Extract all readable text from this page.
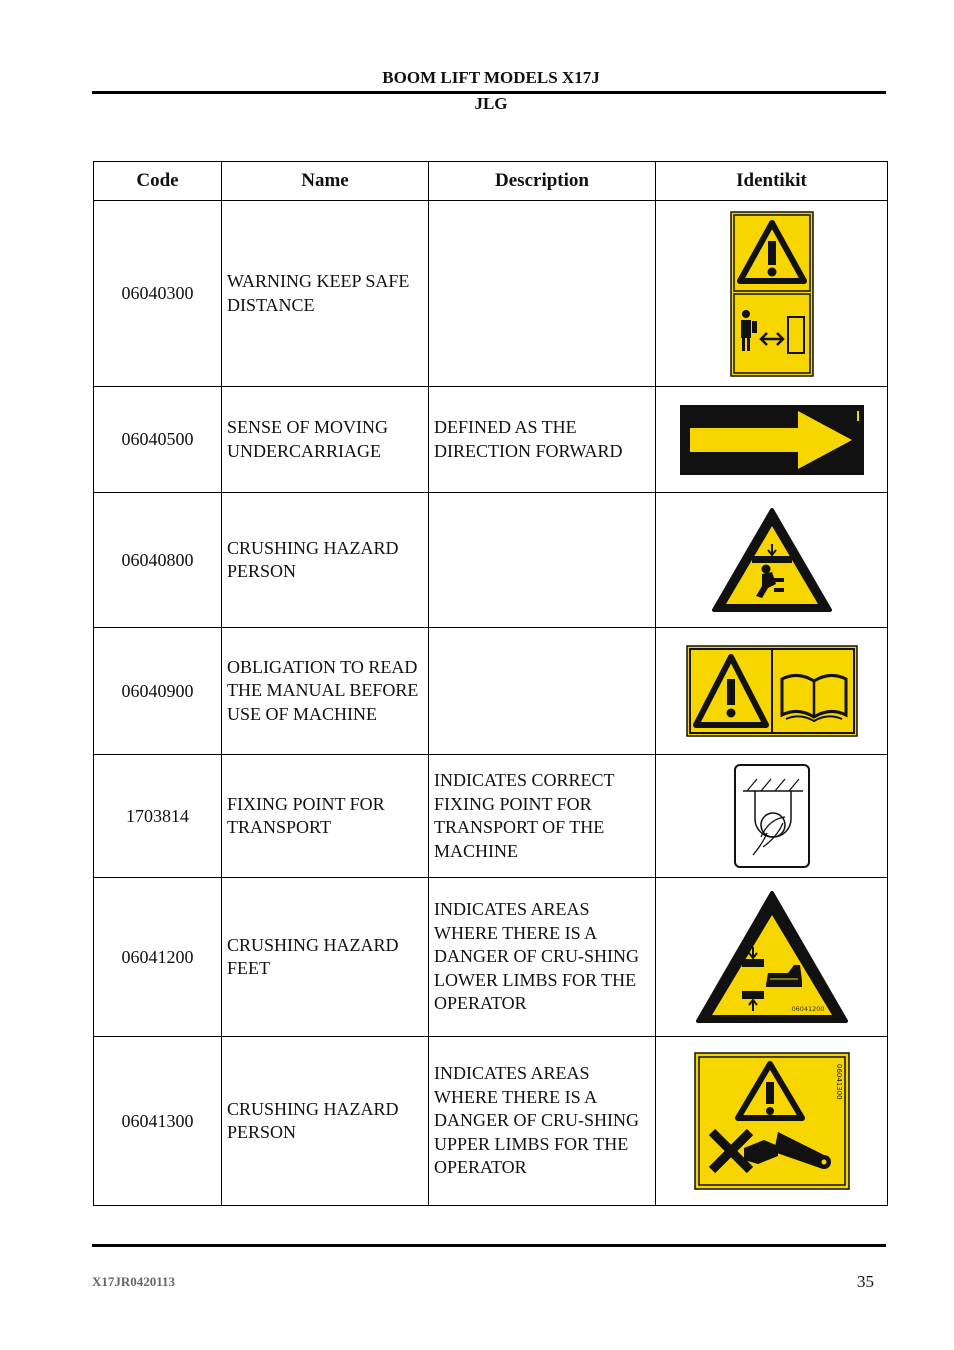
BOOM LIFT MODELS X17J
JLG
Code	Name	Description	Identikit
06040300	WARNING KEEP SAFE DISTANCE		

06040500	SENSE OF MOVING UNDERCARRIAGE	DEFINED AS THE DIRECTION FORWARD	

06040800	CRUSHING HAZARD PERSON		

06040900	OBLIGATION TO READ THE MANUAL BEFORE USE OF MACHINE		

1703814	FIXING POINT FOR TRANSPORT	INDICATES CORRECT FIXING POINT FOR TRANSPORT OF THE MACHINE	

06041200	CRUSHING HAZARD FEET	INDICATES AREAS WHERE THERE IS A DANGER OF CRU-SHING LOWER LIMBS FOR THE OPERATOR	06041200

06041300	CRUSHING HAZARD PERSON	INDICATES AREAS WHERE THERE IS A DANGER OF CRU-SHING UPPER LIMBS FOR THE OPERATOR	06041300
X17JR0420113	35
